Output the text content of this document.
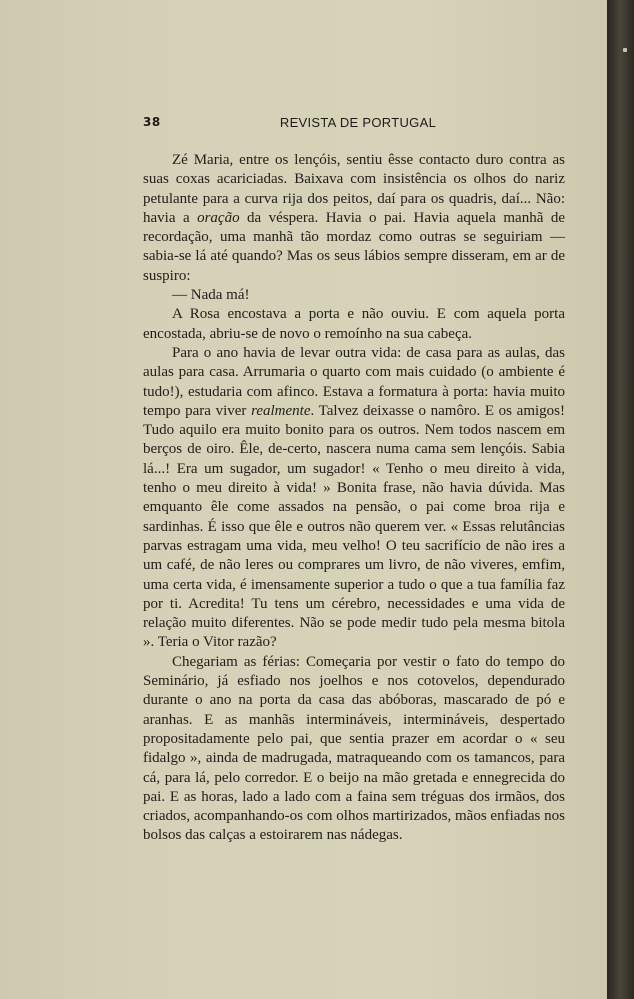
38	REVISTA DE PORTUGAL

Zé Maria, entre os lençóis, sentiu êsse contacto duro contra as suas coxas acariciadas. Baixava com insistência os olhos do nariz petulante para a curva rija dos peitos, daí para os quadris, daí... Não: havia a oração da véspera. Havia o pai. Havia aquela manhã de recordação, uma manhã tão mordaz como outras se seguiriam — sabia-se lá até quando? Mas os seus lábios sempre disseram, em ar de suspiro:

— Nada má!

A Rosa encostava a porta e não ouviu. E com aquela porta encostada, abriu-se de novo o remoínho na sua cabeça.

Para o ano havia de levar outra vida: de casa para as aulas, das aulas para casa. Arrumaria o quarto com mais cuidado (o ambiente é tudo!), estudaria com afinco. Estava a formatura à porta: havia muito tempo para viver realmente. Talvez deixasse o namôro. E os amigos! Tudo aquilo era muito bonito para os outros. Nem todos nascem em berços de oiro. Êle, de-certo, nascera numa cama sem lençóis. Sabia lá...! Era um sugador, um sugador! « Tenho o meu direito à vida, tenho o meu direito à vida! » Bonita frase, não havia dúvida. Mas emquanto êle come assados na pensão, o pai come broa rija e sardinhas. É isso que êle e outros não querem ver. « Essas relutâncias parvas estragam uma vida, meu velho! O teu sacrifício de não ires a um café, de não leres ou comprares um livro, de não viveres, emfim, uma certa vida, é imensamente superior a tudo o que a tua família faz por ti. Acredita! Tu tens um cérebro, necessidades e uma vida de relação muito diferentes. Não se pode medir tudo pela mesma bitola ». Teria o Vitor razão?

Chegariam as férias: Começaria por vestir o fato do tempo do Seminário, já esfiado nos joelhos e nos cotovelos, dependurado durante o ano na porta da casa das abóboras, mascarado de pó e aranhas. E as manhãs intermináveis, intermináveis, despertado propositadamente pelo pai, que sentia prazer em acordar o « seu fidalgo », ainda de madrugada, matraqueando com os tamancos, para cá, para lá, pelo corredor. E o beijo na mão gretada e ennegrecida do pai. E as horas, lado a lado com a faina sem tréguas dos irmãos, dos criados, acompanhando-os com olhos martirizados, mãos enfiadas nos bolsos das calças a estoirarem nas nádegas.
